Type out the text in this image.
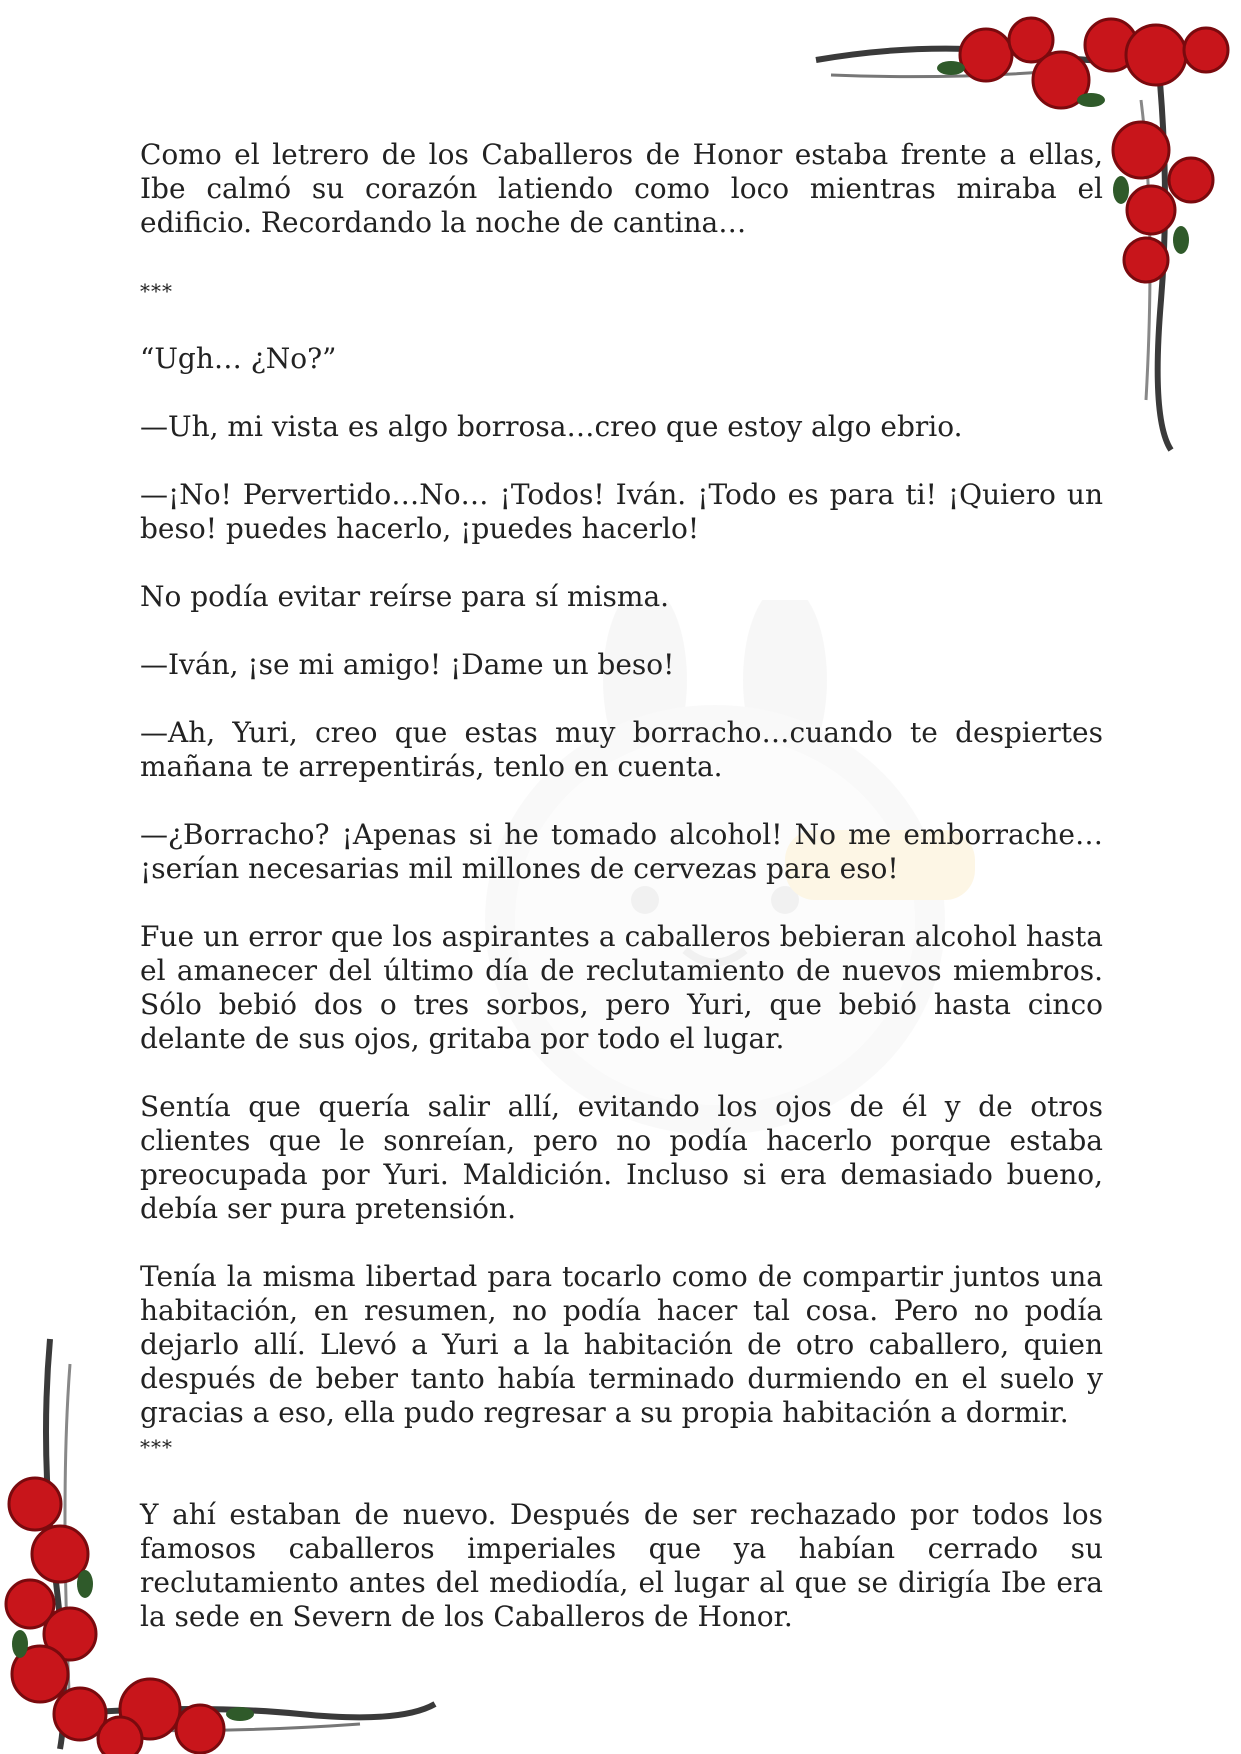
Como el letrero de los Caballeros de Honor estaba frente a ellas, Ibe calmó su corazón latiendo como loco mientras miraba el edificio. Recordando la noche de cantina…

***

“Ugh… ¿No?”

—Uh, mi vista es algo borrosa…creo que estoy algo ebrio.

—¡No! Pervertido…No… ¡Todos! Iván. ¡Todo es para ti! ¡Quiero un beso! puedes hacerlo, ¡puedes hacerlo!

No podía evitar reírse para sí misma.

—Iván, ¡se mi amigo! ¡Dame un beso!

—Ah, Yuri, creo que estas muy borracho…cuando te despiertes mañana te arrepentirás, tenlo en cuenta.

—¿Borracho? ¡Apenas si he tomado alcohol! No me emborrache… ¡serían necesarias mil millones de cervezas para eso!

Fue un error que los aspirantes a caballeros bebieran alcohol hasta el amanecer del último día de reclutamiento de nuevos miembros. Sólo bebió dos o tres sorbos, pero Yuri, que bebió hasta cinco delante de sus ojos, gritaba por todo el lugar.

Sentía que quería salir allí, evitando los ojos de él y de otros clientes que le sonreían, pero no podía hacerlo porque estaba preocupada por Yuri. Maldición. Incluso si era demasiado bueno, debía ser pura pretensión.

Tenía la misma libertad para tocarlo como de compartir juntos una habitación, en resumen, no podía hacer tal cosa. Pero no podía dejarlo allí. Llevó a Yuri a la habitación de otro caballero, quien después de beber tanto había terminado durmiendo en el suelo y gracias a eso, ella pudo regresar a su propia habitación a dormir.

***

Y ahí estaban de nuevo. Después de ser rechazado por todos los famosos caballeros imperiales que ya habían cerrado su reclutamiento antes del mediodía, el lugar al que se dirigía Ibe era la sede en Severn de los Caballeros de Honor.
